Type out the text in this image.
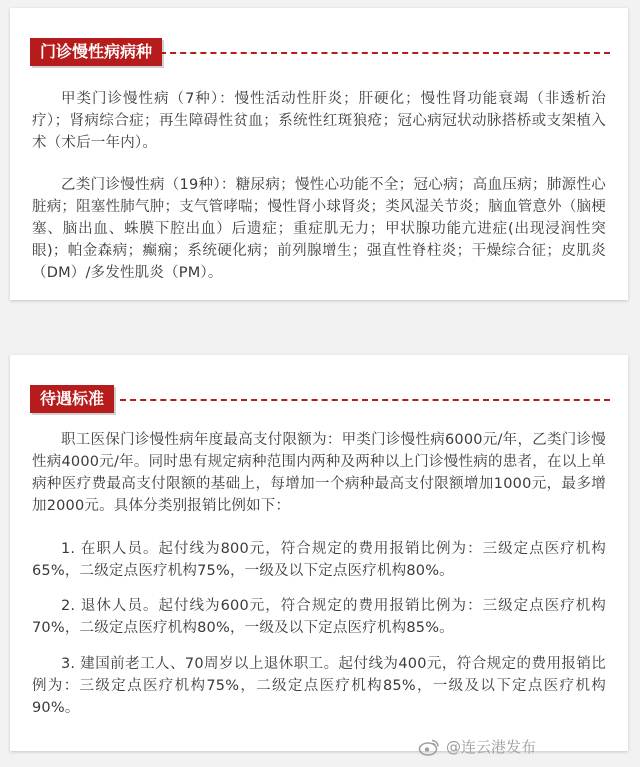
门诊慢性病病种

甲类门诊慢性病（7种）：慢性活动性肝炎；肝硬化；慢性肾功能衰竭（非透析治疗）；肾病综合症；再生障碍性贫血；系统性红斑狼疮；冠心病冠状动脉搭桥或支架植入术（术后一年内）。

乙类门诊慢性病（19种）：糖尿病；慢性心功能不全；冠心病；高血压病；肺源性心脏病；阻塞性肺气肿；支气管哮喘；慢性肾小球肾炎；类风湿关节炎；脑血管意外（脑梗塞、脑出血、蛛膜下腔出血）后遗症；重症肌无力；甲状腺功能亢进症(出现浸润性突眼)；帕金森病；癫痫；系统硬化病；前列腺增生；强直性脊柱炎；干燥综合征；皮肌炎（DM）/多发性肌炎（PM）。

待遇标准

职工医保门诊慢性病年度最高支付限额为：甲类门诊慢性病6000元/年，乙类门诊慢性病4000元/年。同时患有规定病种范围内两种及两种以上门诊慢性病的患者，在以上单病种医疗费最高支付限额的基础上，每增加一个病种最高支付限额增加1000元，最多增加2000元。具体分类别报销比例如下：

1. 在职人员。起付线为800元，符合规定的费用报销比例为：三级定点医疗机构65%，二级定点医疗机构75%，一级及以下定点医疗机构80%。

2. 退休人员。起付线为600元，符合规定的费用报销比例为：三级定点医疗机构70%，二级定点医疗机构80%，一级及以下定点医疗机构85%。

3. 建国前老工人、70周岁以上退休职工。起付线为400元，符合规定的费用报销比例为：三级定点医疗机构75%，二级定点医疗机构85%，一级及以下定点医疗机构90%。

@连云港发布
